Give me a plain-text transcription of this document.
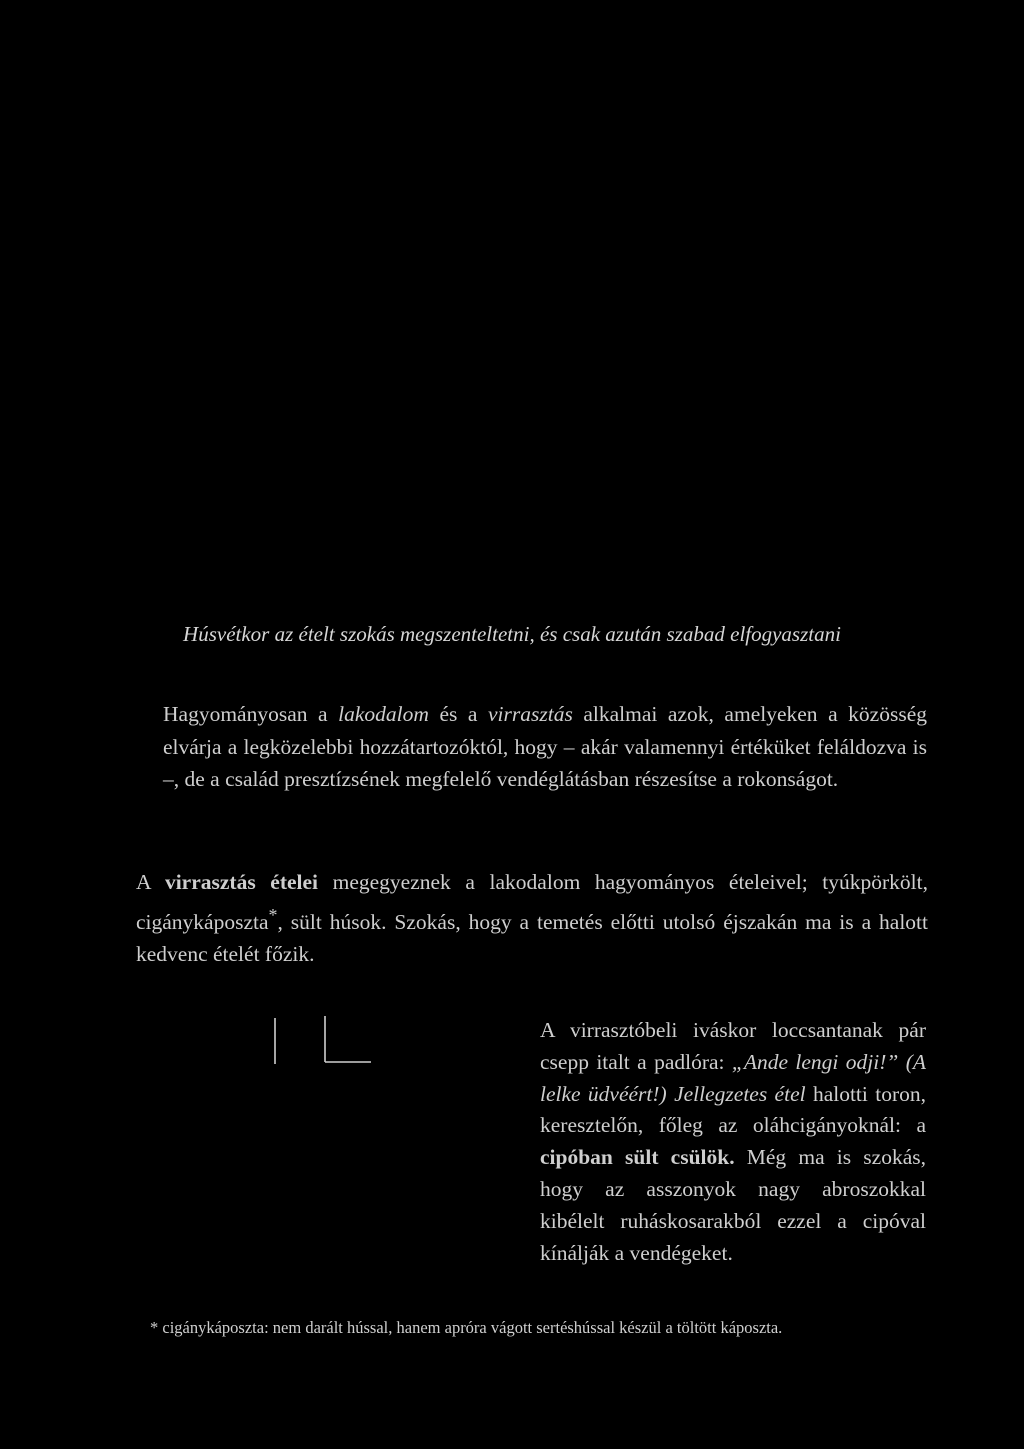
Húsvétkor az ételt szokás megszenteltetni, és csak azután szabad elfogyasztani

Hagyományosan a lakodalom és a virrasztás alkalmai azok, amelyeken a közösség elvárja a legközelebbi hozzátartozóktól, hogy – akár valamennyi értéküket feláldozva is –, de a család presztízsének megfelelő vendéglátásban részesítse a rokonságot.

A virrasztás ételei megegyeznek a lakodalom hagyományos ételeivel; tyúkpörkölt, cigánykáposzta*, sült húsok. Szokás, hogy a temetés előtti utolsó éjszakán ma is a halott kedvenc ételét főzik.

A virrasztóbeli iváskor loccsantanak pár csepp italt a padlóra: „Ande lengi odji!” (A lelke üdvéért!) Jellegzetes étel halotti toron, keresztelőn, főleg az oláhcigányoknál: a cipóban sült csülök. Még ma is szokás, hogy az asszonyok nagy abroszokkal kibélelt ruháskosarakból ezzel a cipóval kínálják a vendégeket.

* cigánykáposzta: nem darált hússal, hanem apróra vágott sertéshússal készül a töltött káposzta.
